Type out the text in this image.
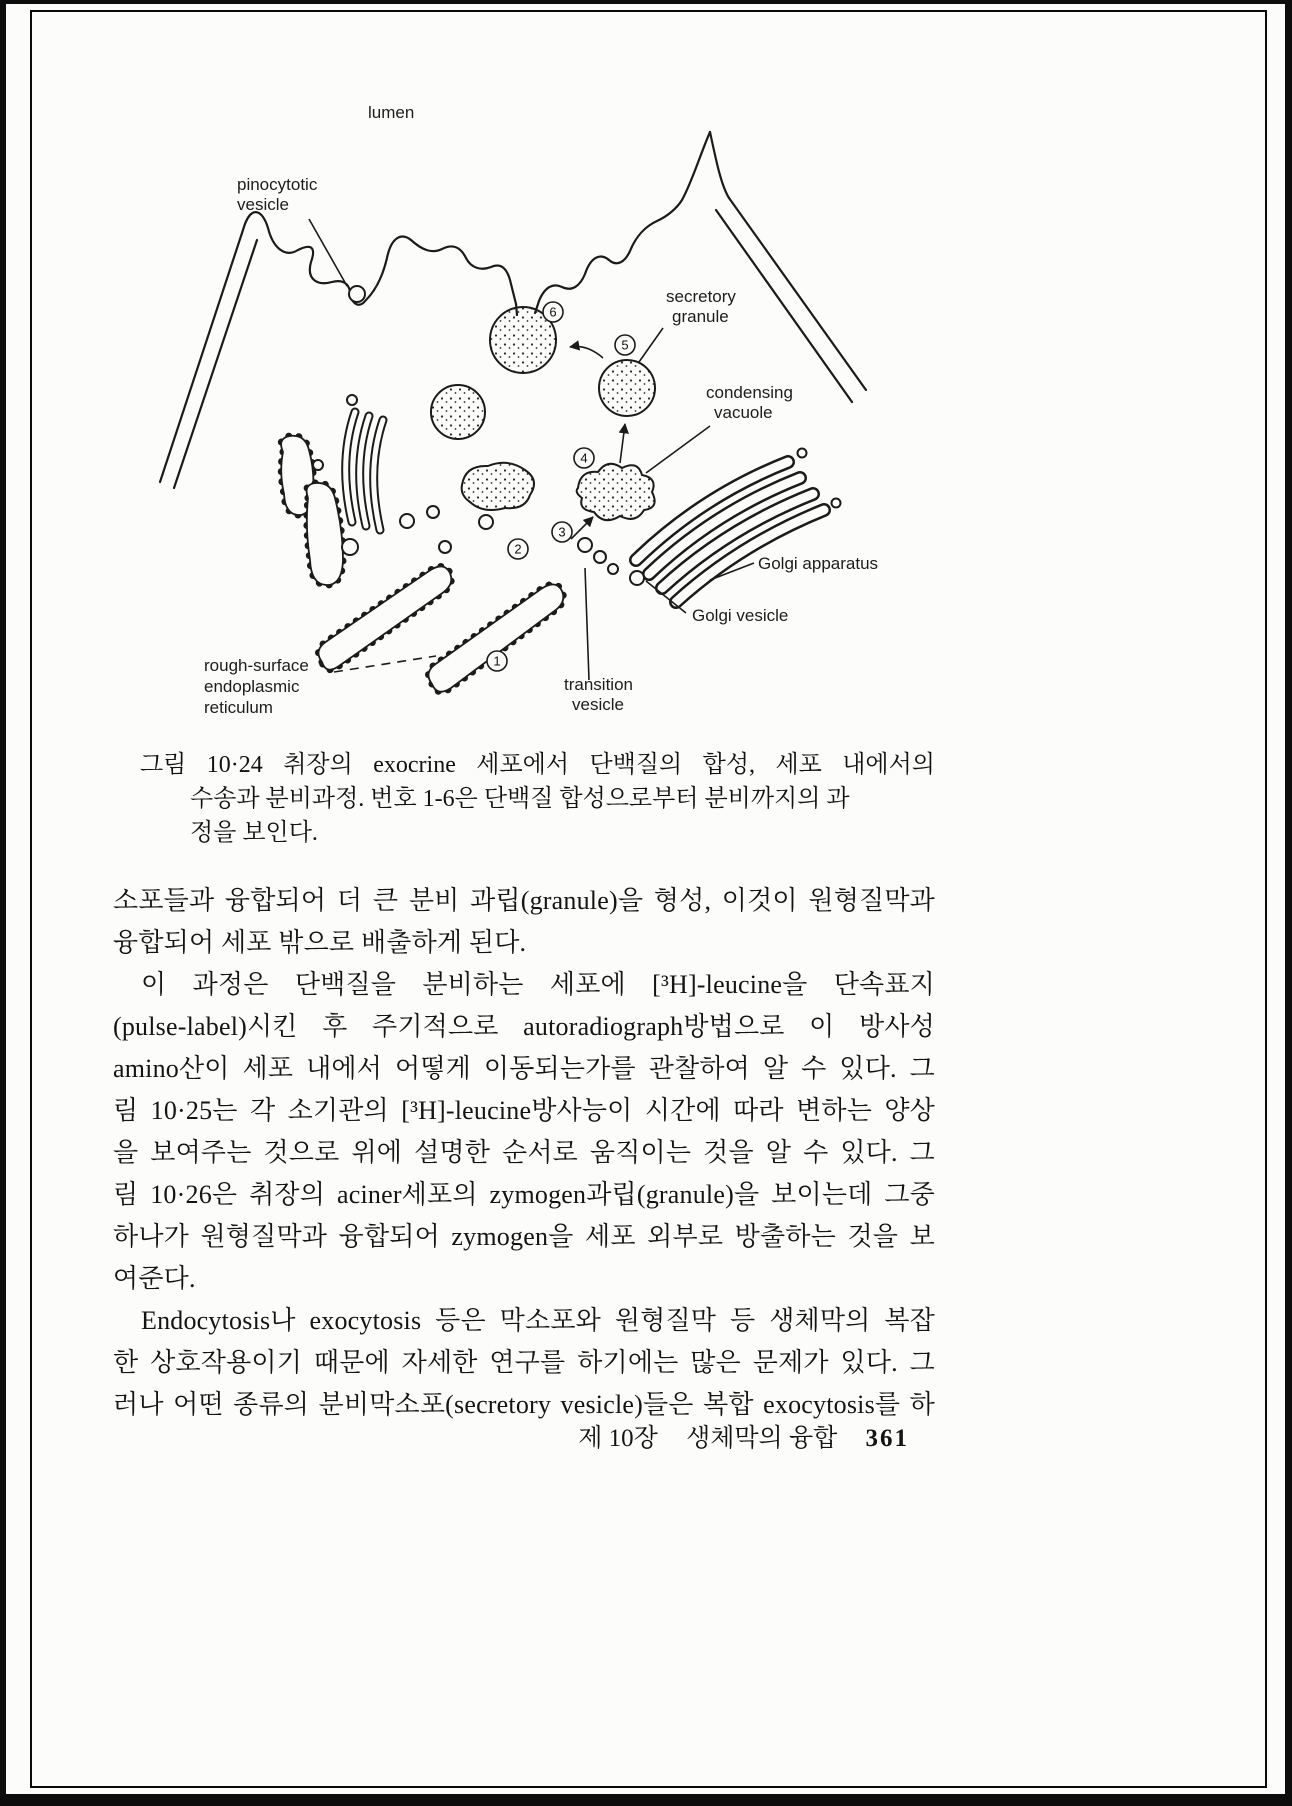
1
2
3
4
5
6
lumen
pinocytotic
vesicle
secretory
granule
condensing
vacuole
Golgi apparatus
Golgi vesicle
rough-surface
endoplasmic
reticulum
transition
vesicle
그림 10·24 취장의 exocrine 세포에서 단백질의 합성, 세포 내에서의
수송과 분비과정. 번호 1-6은 단백질 합성으로부터 분비까지의 과
정을 보인다.
소포들과 융합되어 더 큰 분비 과립(granule)을 형성, 이것이 원형질막과
융합되어 세포 밖으로 배출하게 된다.
이 과정은 단백질을 분비하는 세포에 [³H]-leucine을 단속표지
(pulse-label)시킨 후 주기적으로 autoradiograph방법으로 이 방사성
amino산이 세포 내에서 어떻게 이동되는가를 관찰하여 알 수 있다. 그
림 10·25는 각 소기관의 [³H]-leucine방사능이 시간에 따라 변하는 양상
을 보여주는 것으로 위에 설명한 순서로 움직이는 것을 알 수 있다. 그
림 10·26은 취장의 aciner세포의 zymogen과립(granule)을 보이는데 그중
하나가 원형질막과 융합되어 zymogen을 세포 외부로 방출하는 것을 보
여준다.
Endocytosis나 exocytosis 등은 막소포와 원형질막 등 생체막의 복잡
한 상호작용이기 때문에 자세한 연구를 하기에는 많은 문제가 있다. 그
러나 어떤 종류의 분비막소포(secretory vesicle)들은 복합 exocytosis를 하
제 10장 생체막의 융합 361
